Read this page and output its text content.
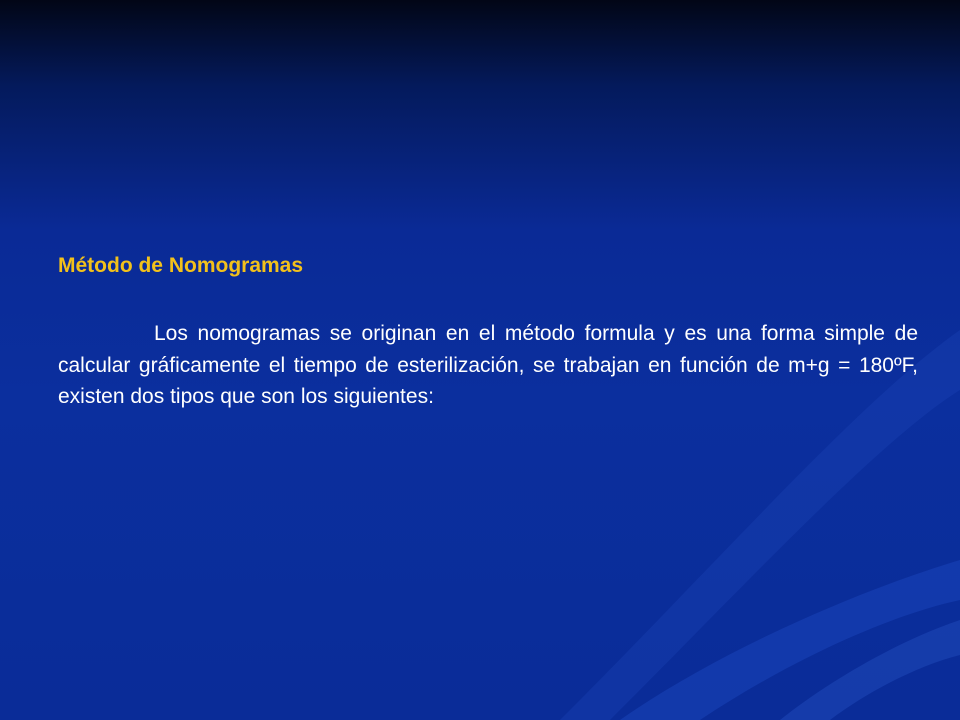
Método de Nomogramas

Los nomogramas se originan en el método formula y es una forma simple de calcular gráficamente el tiempo de esterilización, se trabajan en función de m+g = 180ºF, existen dos tipos que son los siguientes:
